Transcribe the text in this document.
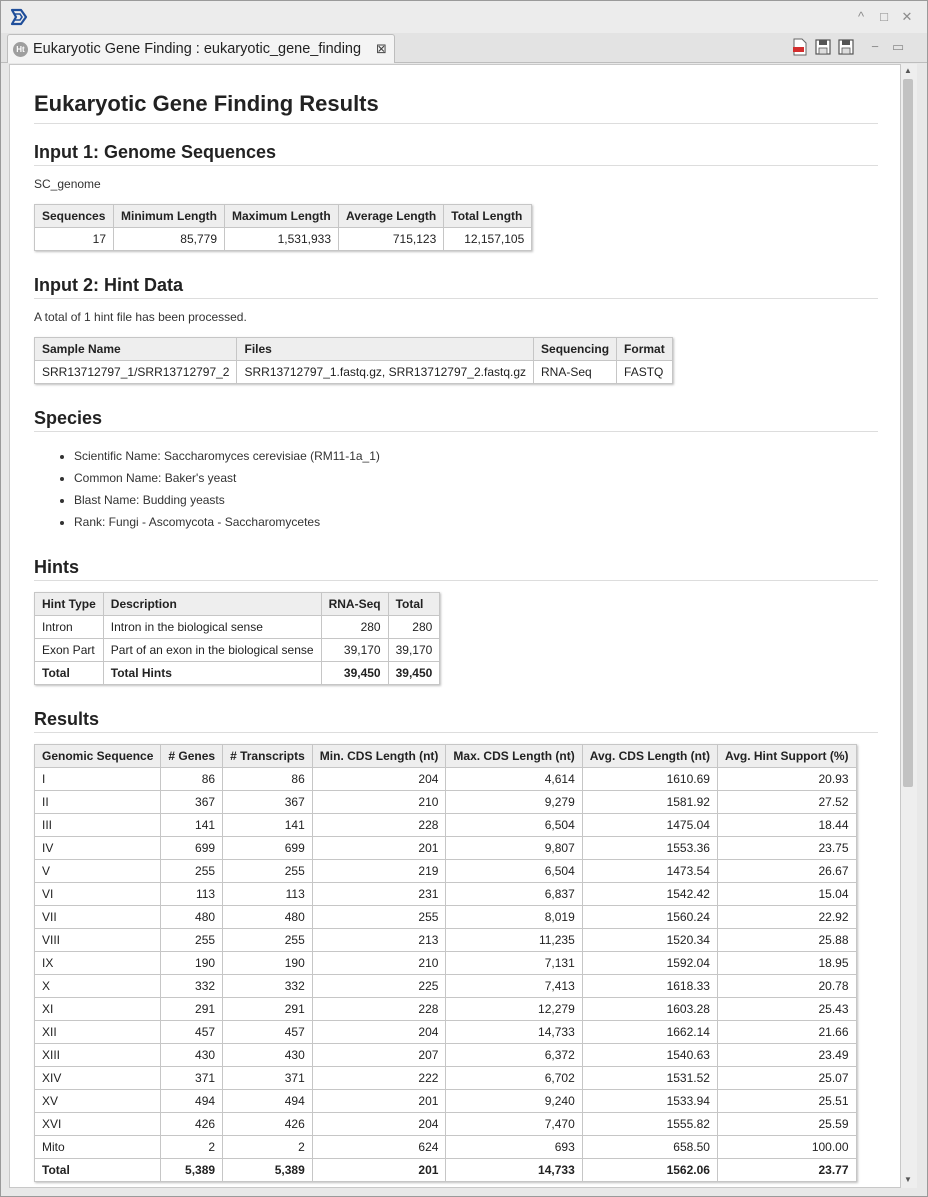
^	□	✕
Ht Eukaryotic Gene Finding : eukaryotic_gene_finding ⊠	−	▭
Eukaryotic Gene Finding Results
Input 1: Genome Sequences
SC_genome
Sequences	Minimum Length	Maximum Length	Average Length	Total Length
17	85,779	1,531,933	715,123	12,157,105
Input 2: Hint Data
A total of 1 hint file has been processed.
Sample Name	Files	Sequencing	Format
SRR13712797_1/SRR13712797_2	SRR13712797_1.fastq.gz, SRR13712797_2.fastq.gz	RNA-Seq	FASTQ
Species
• Scientific Name: Saccharomyces cerevisiae (RM11-1a_1)
• Common Name: Baker's yeast
• Blast Name: Budding yeasts
• Rank: Fungi - Ascomycota - Saccharomycetes
Hints
Hint Type	Description	RNA-Seq	Total
Intron	Intron in the biological sense	280	280
Exon Part	Part of an exon in the biological sense	39,170	39,170
Total	Total Hints	39,450	39,450
Results
Genomic Sequence	# Genes	# Transcripts	Min. CDS Length (nt)	Max. CDS Length (nt)	Avg. CDS Length (nt)	Avg. Hint Support (%)
I	86	86	204	4,614	1610.69	20.93
II	367	367	210	9,279	1581.92	27.52
III	141	141	228	6,504	1475.04	18.44
IV	699	699	201	9,807	1553.36	23.75
V	255	255	219	6,504	1473.54	26.67
VI	113	113	231	6,837	1542.42	15.04
VII	480	480	255	8,019	1560.24	22.92
VIII	255	255	213	11,235	1520.34	25.88
IX	190	190	210	7,131	1592.04	18.95
X	332	332	225	7,413	1618.33	20.78
XI	291	291	228	12,279	1603.28	25.43
XII	457	457	204	14,733	1662.14	21.66
XIII	430	430	207	6,372	1540.63	23.49
XIV	371	371	222	6,702	1531.52	25.07
XV	494	494	201	9,240	1533.94	25.51
XVI	426	426	204	7,470	1555.82	25.59
Mito	2	2	624	693	658.50	100.00
Total	5,389	5,389	201	14,733	1562.06	23.77
▲
▼
